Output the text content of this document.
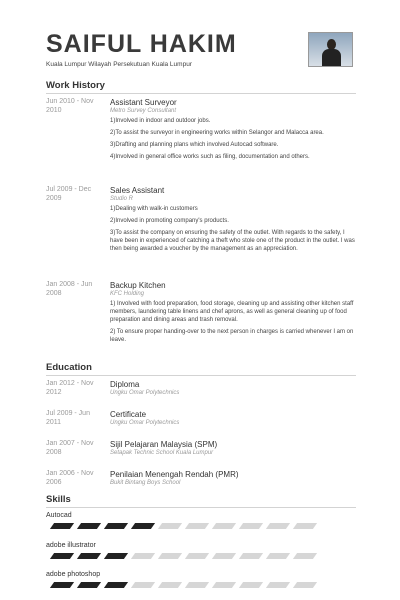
SAIFUL HAKIM
Kuala Lumpur Wilayah Persekutuan Kuala Lumpur
Work History
Jun 2010 - Nov 2010
Assistant Surveyor
Metro Survey Consultant

1)Involved in indoor and outdoor jobs.

2)To assist the surveyor in engineering works within Selangor and Malacca area.

3)Drafting and planning plans which involved Autocad software.

4)Involved in general office works such as filing, documentation and others.

Jul 2009 - Dec 2009
Sales Assistant
Studio R

1)Dealing with walk-in customers

2)Involved in promoting company's products.

3)To assist the company on ensuring the safety of the outlet. With regards to the safety, I have been in experienced of catching a theft who stole one of the product in the outlet. I was then being awarded a voucher by the management as an appreciation.

Jan 2008 - Jun 2008
Backup Kitchen
KFC Holding

1) Involved with food preparation, food storage, cleaning up and assisting other kitchen staff members, laundering table linens and chef aprons, as well as general cleaning up of food preparation and dining areas and trash removal.

2) To ensure proper handing-over to the next person in charges is carried whenever I am on leave.

Education
Jan 2012 - Nov 2012
Diploma
Ungku Omar Polytechnics
Jul 2009 - Jun 2011
Certificate
Ungku Omar Polytechnics
Jan 2007 - Nov 2008
Sijil Pelajaran Malaysia (SPM)
Setapak Technic School Kuala Lumpur
Jan 2006 - Nov 2006
Penilaian Menengah Rendah (PMR)
Bukit Bintang Boys School
Skills
Autocad
adobe illustrator
adobe photoshop
